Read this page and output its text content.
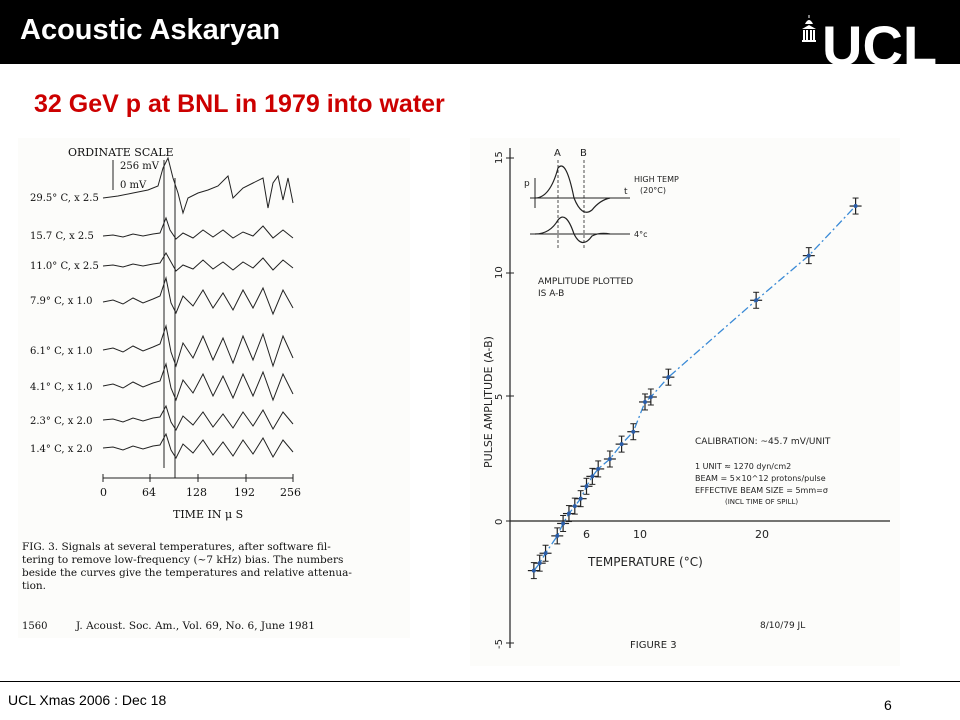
Acoustic Askaryan	UCL
32 GeV p at BNL in 1979 into water
ORDINATE SCALE
256 mV
0 mV
29.5° C, x 2.5
15.7 C, x 2.5
11.0° C, x 2.5
7.9° C, x 1.0
6.1° C, x 1.0
4.1° C, x 1.0
2.3° C, x 2.0
1.4° C, x 2.0
0	64	128 192 256
TIME IN μ S
FIG. 3. Signals at several temperatures, after software fil-
tering to remove low-frequency (~7 kHz) bias. The numbers
beside the curves give the temperatures and relative attenua-
tion.
1560	J. Acoust. Soc. Am., Vol. 69, No. 6, June 1981
15
10
5
0
-5
PULSE AMPLITUDE (A-B)
6	10	20
TEMPERATURE (°C)
A B
p
t
HIGH TEMP
(20°C)
4°c
AMPLITUDE PLOTTED
IS A-B
CALIBRATION: ~45.7 mV/UNIT
1 UNIT ≈ 1270 dyn/cm2
BEAM = 5×10^12 protons/pulse
EFFECTIVE BEAM SIZE = 5mm=σ
(INCL TIME OF SPILL)
FIGURE 3
8/10/79 JL
UCL Xmas 2006 : Dec 18	6
